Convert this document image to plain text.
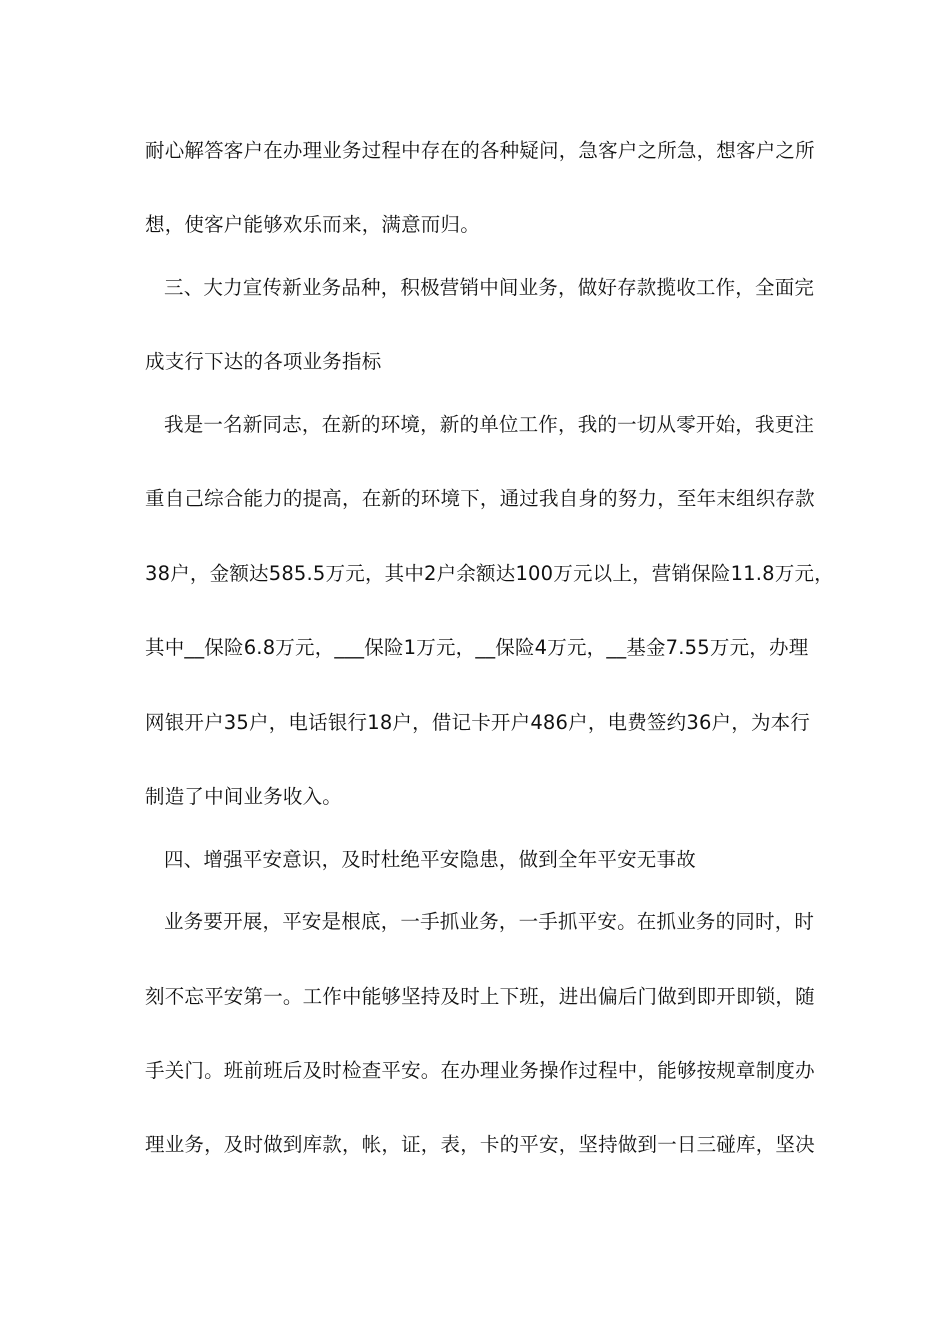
耐心解答客户在办理业务过程中存在的各种疑问，急客户之所急，想客户之所
想，使客户能够欢乐而来，满意而归。
三、大力宣传新业务品种，积极营销中间业务，做好存款揽收工作，全面完
成支行下达的各项业务指标
我是一名新同志，在新的环境，新的单位工作，我的一切从零开始，我更注
重自己综合能力的提高，在新的环境下，通过我自身的努力，至年末组织存款
38户，金额达585.5万元，其中2户余额达100万元以上，营销保险11.8万元，
其中__保险6.8万元，___保险1万元，__保险4万元，__基金7.55万元，办理
网银开户35户，电话银行18户，借记卡开户486户，电费签约36户，为本行
制造了中间业务收入。
四、增强平安意识，及时杜绝平安隐患，做到全年平安无事故
业务要开展，平安是根底，一手抓业务，一手抓平安。在抓业务的同时，时
刻不忘平安第一。工作中能够坚持及时上下班，进出偏后门做到即开即锁，随
手关门。班前班后及时检查平安。在办理业务操作过程中，能够按规章制度办
理业务，及时做到库款，帐，证，表，卡的平安，坚持做到一日三碰库，坚决
